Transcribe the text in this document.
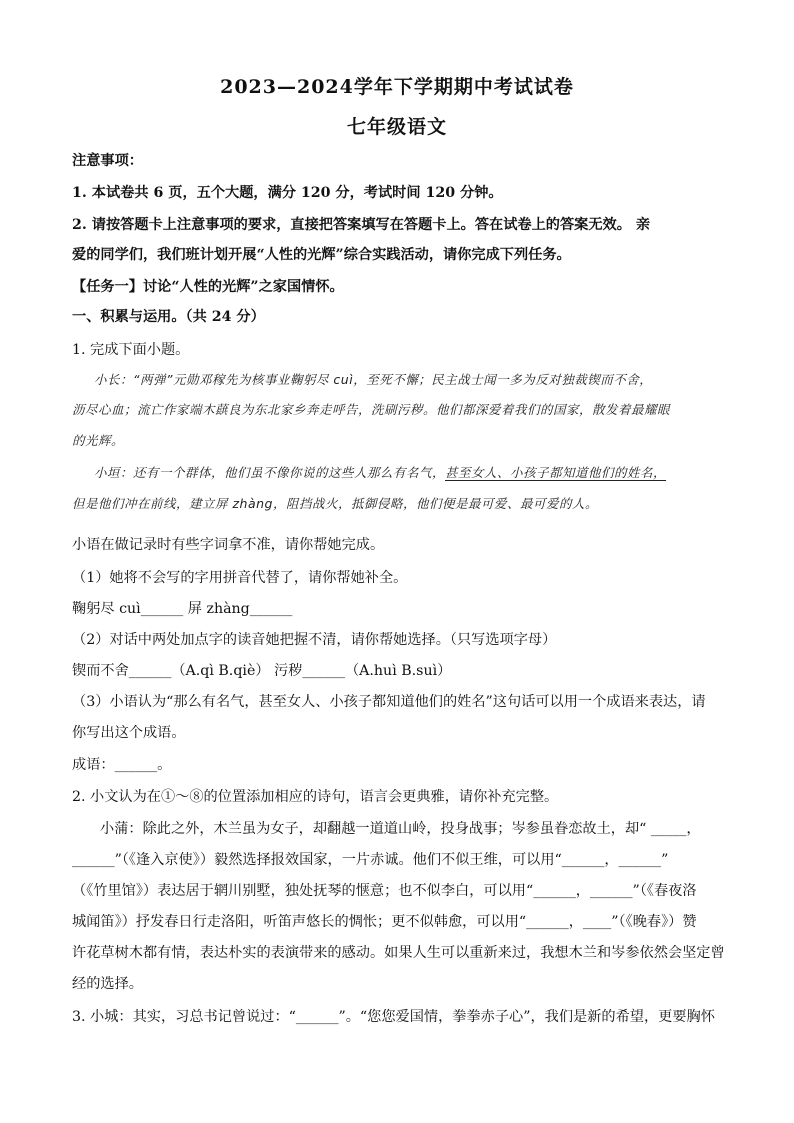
2023—2024学年下学期期中考试试卷
七年级语文
注意事项：
1. 本试卷共 6 页，五个大题，满分 120 分，考试时间 120 分钟。
2. 请按答题卡上注意事项的要求，直接把答案填写在答题卡上。答在试卷上的答案无效。 亲
爱的同学们，我们班计划开展“人性的光辉”综合实践活动，请你完成下列任务。
【任务一】讨论“人性的光辉”之家国情怀。
一、积累与运用。（共 24 分）
1. 完成下面小题。
小长：“两弹”元勋邓稼先为核事业鞠躬尽 cuì，至死不懈；民主战士闻一多为反对独裁锲而不舍，
沥尽心血；流亡作家端木蕻良为东北家乡奔走呼告，洗刷污秽。他们都深爱着我们的国家，散发着最耀眼
的光辉。
小垣：还有一个群体，他们虽不像你说的这些人那么有名气，甚至女人、小孩子都知道他们的姓名，
但是他们冲在前线，建立屏 zhàng，阻挡战火，抵御侵略，他们便是最可爱、最可爱的人。
小语在做记录时有些字词拿不准，请你帮她完成。
（1）她将不会写的字用拼音代替了，请你帮她补全。
鞠躬尽 cuì______ 屏 zhàng______
（2）对话中两处加点字的读音她把握不清，请你帮她选择。（只写选项字母）
锲而不舍______（A.qì B.qiè） 污秽______（A.huì B.suì）
（3）小语认为“那么有名气，甚至女人、小孩子都知道他们的姓名”这句话可以用一个成语来表达，请
你写出这个成语。
成语：______。
2. 小文认为在①～⑧的位置添加相应的诗句，语言会更典雅，请你补充完整。
小蒲：除此之外，木兰虽为女子，却翻越一道道山岭，投身战事；岑参虽眷恋故土，却“ _____，
______”（《逢入京使》）毅然选择报效国家，一片赤诚。他们不似王维，可以用“______，______”
（《竹里馆》）表达居于辋川别墅，独处抚琴的惬意；也不似李白，可以用“______，______”（《春夜洛
城闻笛》）抒发春日行走洛阳，听笛声悠长的惆怅；更不似韩愈，可以用“______，____”（《晚春》）赞
许花草树木都有情，表达朴实的表演带来的感动。如果人生可以重新来过，我想木兰和岑参依然会坚定曾
经的选择。
3. 小城：其实，习总书记曾说过：“______”。“您您爱国情，拳拳赤子心”，我们是新的希望，更要胸怀
